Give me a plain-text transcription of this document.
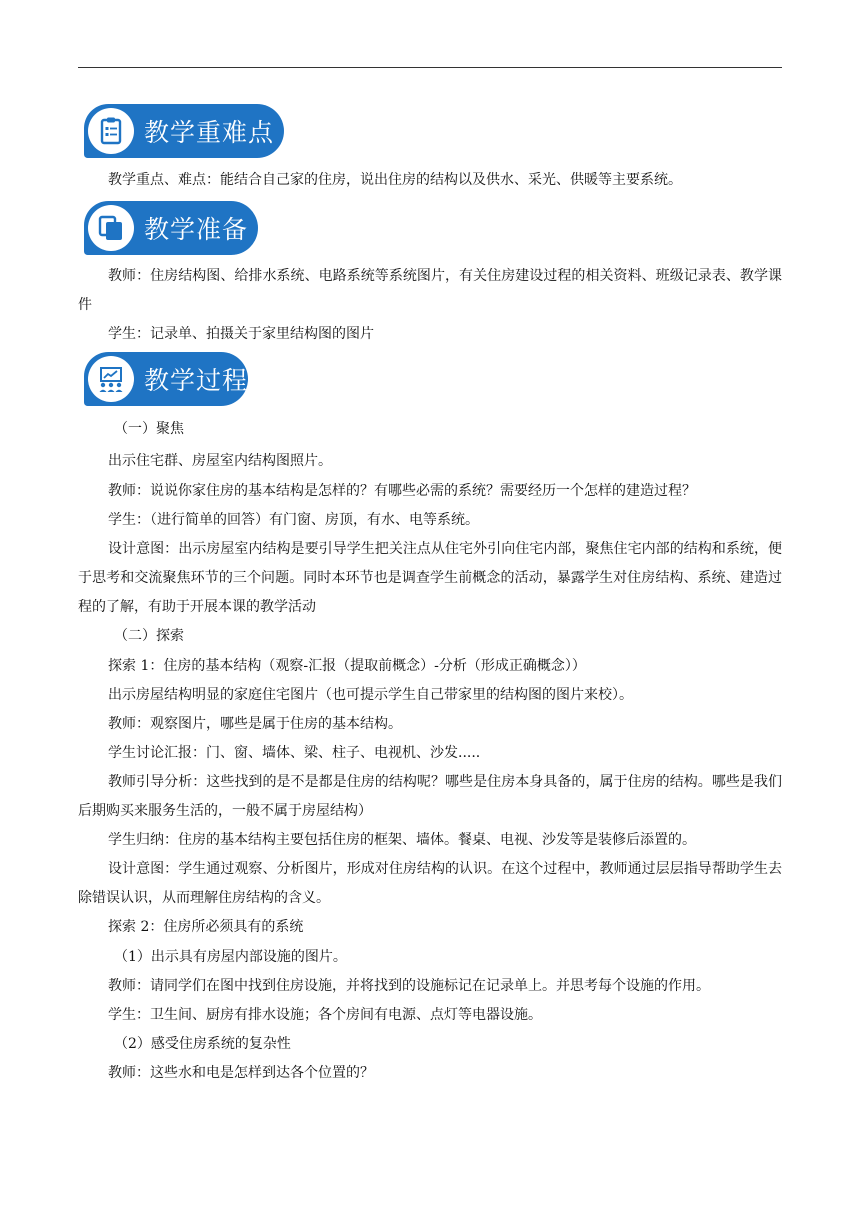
教学重难点

教学重点、难点：能结合自己家的住房，说出住房的结构以及供水、采光、供暖等主要系统。

教学准备

教师：住房结构图、给排水系统、电路系统等系统图片，有关住房建设过程的相关资料、班级记录表、教学课件

学生：记录单、拍摄关于家里结构图的图片

教学过程

（一）聚焦

出示住宅群、房屋室内结构图照片。

教师：说说你家住房的基本结构是怎样的？有哪些必需的系统？需要经历一个怎样的建造过程？

学生：（进行简单的回答）有门窗、房顶，有水、电等系统。

设计意图：出示房屋室内结构是要引导学生把关注点从住宅外引向住宅内部，聚焦住宅内部的结构和系统，便于思考和交流聚焦环节的三个问题。同时本环节也是调查学生前概念的活动，暴露学生对住房结构、系统、建造过程的了解，有助于开展本课的教学活动

（二）探索

探索 1：住房的基本结构（观察-汇报（提取前概念）-分析（形成正确概念））

出示房屋结构明显的家庭住宅图片（也可提示学生自己带家里的结构图的图片来校）。

教师：观察图片，哪些是属于住房的基本结构。

学生讨论汇报：门、窗、墙体、梁、柱子、电视机、沙发.....

教师引导分析：这些找到的是不是都是住房的结构呢？哪些是住房本身具备的，属于住房的结构。哪些是我们后期购买来服务生活的，一般不属于房屋结构）

学生归纳：住房的基本结构主要包括住房的框架、墙体。餐桌、电视、沙发等是装修后添置的。

设计意图：学生通过观察、分析图片，形成对住房结构的认识。在这个过程中，教师通过层层指导帮助学生去除错误认识，从而理解住房结构的含义。

探索 2：住房所必须具有的系统

（1）出示具有房屋内部设施的图片。

教师：请同学们在图中找到住房设施，并将找到的设施标记在记录单上。并思考每个设施的作用。

学生：卫生间、厨房有排水设施；各个房间有电源、点灯等电器设施。

（2）感受住房系统的复杂性

教师：这些水和电是怎样到达各个位置的？
